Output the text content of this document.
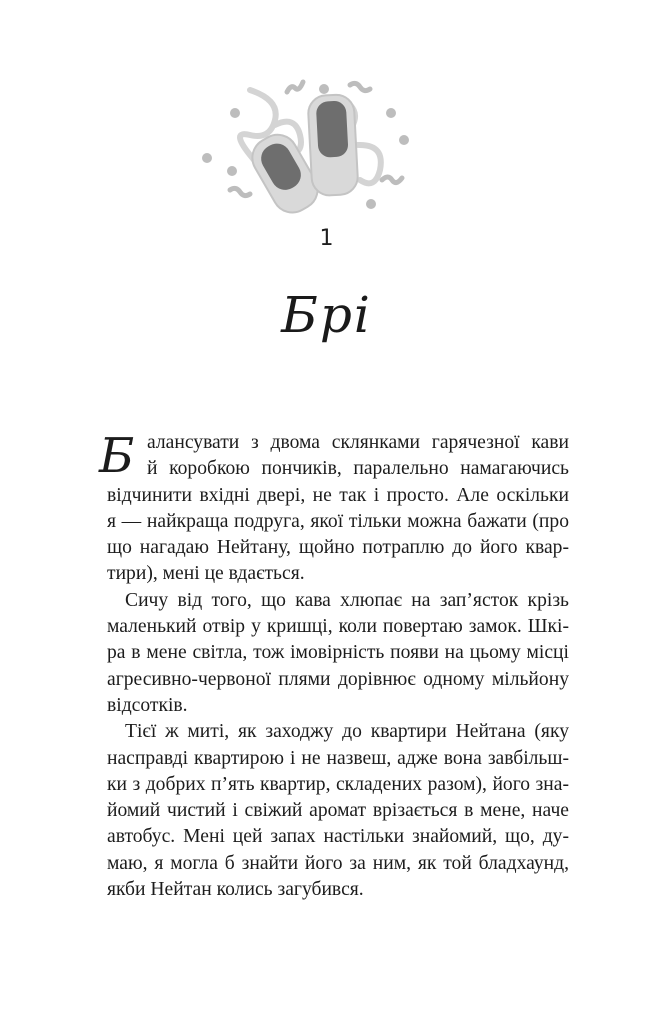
1
Брі
Б алансувати з двома склянками гарячезної кави
й коробкою пончиків, паралельно намагаючись
відчинити вхідні двері, не так і просто. Але оскільки
я — найкраща подруга, якої тільки можна бажати (про
що нагадаю Нейтану, щойно потраплю до його квар-
тири), мені це вдається.
Сичу від того, що кава хлюпає на зап’ясток крізь
маленький отвір у кришці, коли повертаю замок. Шкі-
ра в мене світла, тож імовірність появи на цьому місці
агресивно-червоної плями дорівнює одному мільйону
відсотків.
Тієї ж миті, як заходжу до квартири Нейтана (яку
насправді квартирою і не назвеш, адже вона завбільш-
ки з добрих п’ять квартир, складених разом), його зна-
йомий чистий і свіжий аромат врізається в мене, наче
автобус. Мені цей запах настільки знайомий, що, ду-
маю, я могла б знайти його за ним, як той бладхаунд,
якби Нейтан колись загубився.
